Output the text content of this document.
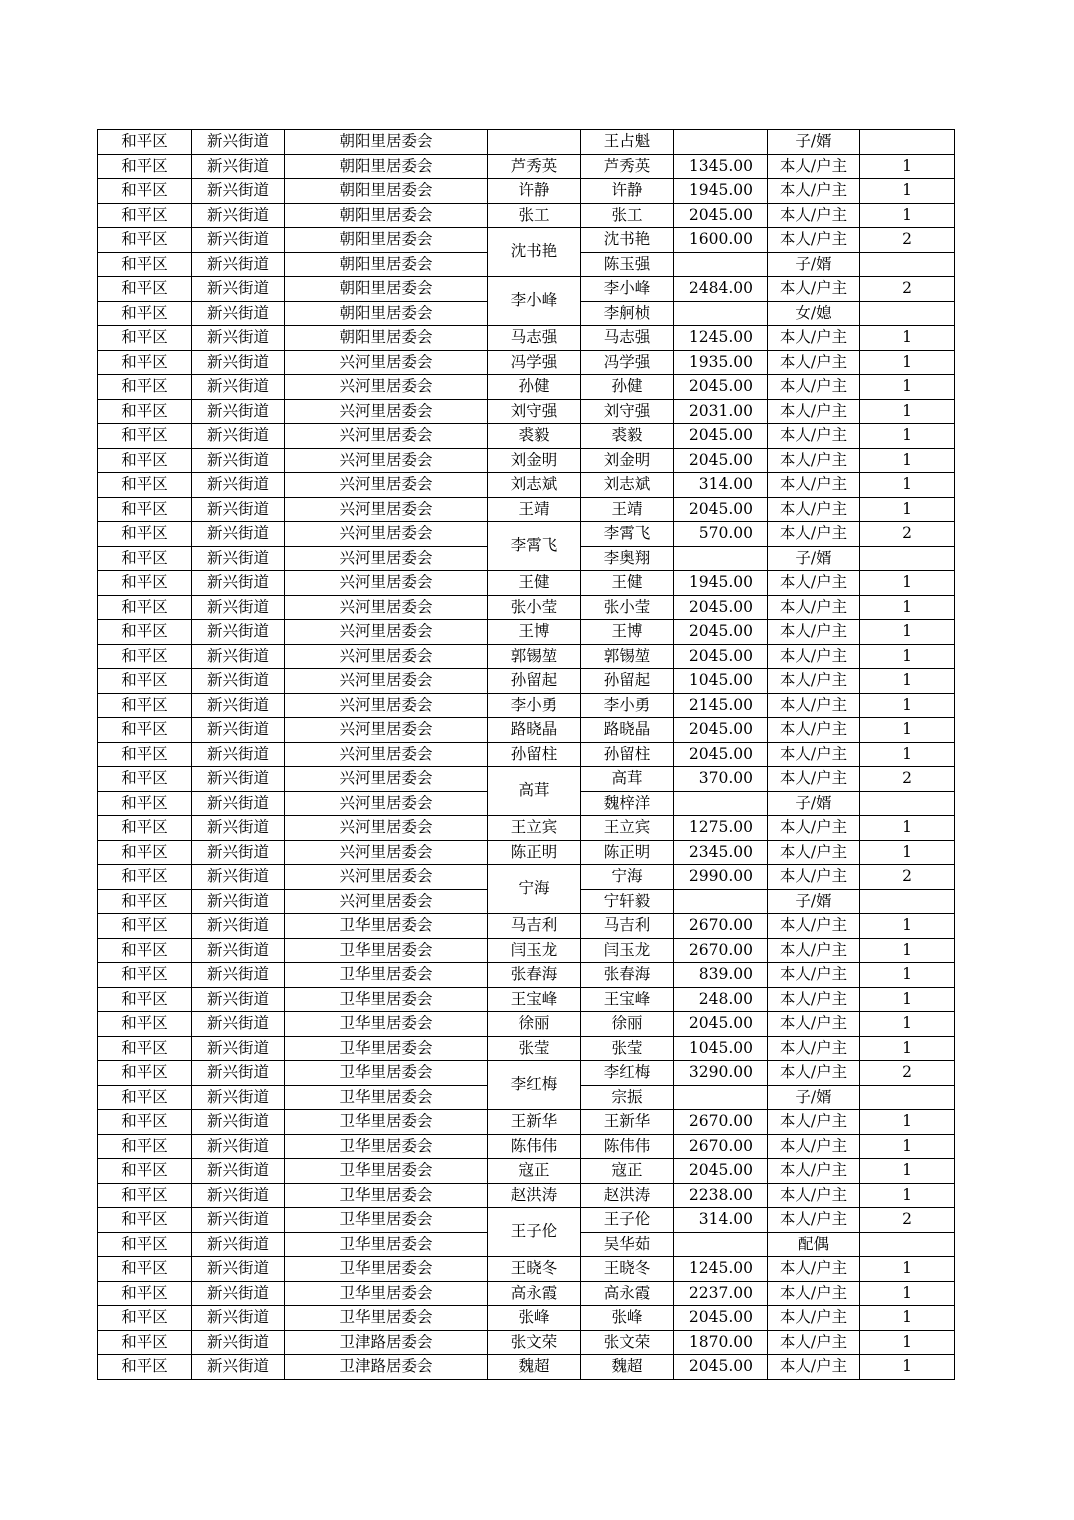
和平区	新兴街道	朝阳里居委会		王占魁		子/婿	
和平区	新兴街道	朝阳里居委会	芦秀英	芦秀英	1345.00	本人/户主	1
和平区	新兴街道	朝阳里居委会	许静	许静	1945.00	本人/户主	1
和平区	新兴街道	朝阳里居委会	张工	张工	2045.00	本人/户主	1
和平区	新兴街道	朝阳里居委会	沈书艳	沈书艳	1600.00	本人/户主	2
和平区	新兴街道	朝阳里居委会		陈玉强		子/婿	
和平区	新兴街道	朝阳里居委会	李小峰	李小峰	2484.00	本人/户主	2
和平区	新兴街道	朝阳里居委会		李舸桢		女/媳	
和平区	新兴街道	朝阳里居委会	马志强	马志强	1245.00	本人/户主	1
和平区	新兴街道	兴河里居委会	冯学强	冯学强	1935.00	本人/户主	1
和平区	新兴街道	兴河里居委会	孙健	孙健	2045.00	本人/户主	1
和平区	新兴街道	兴河里居委会	刘守强	刘守强	2031.00	本人/户主	1
和平区	新兴街道	兴河里居委会	裘毅	裘毅	2045.00	本人/户主	1
和平区	新兴街道	兴河里居委会	刘金明	刘金明	2045.00	本人/户主	1
和平区	新兴街道	兴河里居委会	刘志斌	刘志斌	314.00	本人/户主	1
和平区	新兴街道	兴河里居委会	王靖	王靖	2045.00	本人/户主	1
和平区	新兴街道	兴河里居委会	李霄飞	李霄飞	570.00	本人/户主	2
和平区	新兴街道	兴河里居委会		李奥翔		子/婿	
和平区	新兴街道	兴河里居委会	王健	王健	1945.00	本人/户主	1
和平区	新兴街道	兴河里居委会	张小莹	张小莹	2045.00	本人/户主	1
和平区	新兴街道	兴河里居委会	王博	王博	2045.00	本人/户主	1
和平区	新兴街道	兴河里居委会	郭锡堃	郭锡堃	2045.00	本人/户主	1
和平区	新兴街道	兴河里居委会	孙留起	孙留起	1045.00	本人/户主	1
和平区	新兴街道	兴河里居委会	李小勇	李小勇	2145.00	本人/户主	1
和平区	新兴街道	兴河里居委会	路晓晶	路晓晶	2045.00	本人/户主	1
和平区	新兴街道	兴河里居委会	孙留柱	孙留柱	2045.00	本人/户主	1
和平区	新兴街道	兴河里居委会	高茸	高茸	370.00	本人/户主	2
和平区	新兴街道	兴河里居委会		魏梓洋		子/婿	
和平区	新兴街道	兴河里居委会	王立宾	王立宾	1275.00	本人/户主	1
和平区	新兴街道	兴河里居委会	陈正明	陈正明	2345.00	本人/户主	1
和平区	新兴街道	兴河里居委会	宁海	宁海	2990.00	本人/户主	2
和平区	新兴街道	兴河里居委会		宁轩毅		子/婿	
和平区	新兴街道	卫华里居委会	马吉利	马吉利	2670.00	本人/户主	1
和平区	新兴街道	卫华里居委会	闫玉龙	闫玉龙	2670.00	本人/户主	1
和平区	新兴街道	卫华里居委会	张春海	张春海	839.00	本人/户主	1
和平区	新兴街道	卫华里居委会	王宝峰	王宝峰	248.00	本人/户主	1
和平区	新兴街道	卫华里居委会	徐丽	徐丽	2045.00	本人/户主	1
和平区	新兴街道	卫华里居委会	张莹	张莹	1045.00	本人/户主	1
和平区	新兴街道	卫华里居委会	李红梅	李红梅	3290.00	本人/户主	2
和平区	新兴街道	卫华里居委会		宗振		子/婿	
和平区	新兴街道	卫华里居委会	王新华	王新华	2670.00	本人/户主	1
和平区	新兴街道	卫华里居委会	陈伟伟	陈伟伟	2670.00	本人/户主	1
和平区	新兴街道	卫华里居委会	寇正	寇正	2045.00	本人/户主	1
和平区	新兴街道	卫华里居委会	赵洪涛	赵洪涛	2238.00	本人/户主	1
和平区	新兴街道	卫华里居委会	王子伦	王子伦	314.00	本人/户主	2
和平区	新兴街道	卫华里居委会		吴华茹		配偶	
和平区	新兴街道	卫华里居委会	王晓冬	王晓冬	1245.00	本人/户主	1
和平区	新兴街道	卫华里居委会	高永霞	高永霞	2237.00	本人/户主	1
和平区	新兴街道	卫华里居委会	张峰	张峰	2045.00	本人/户主	1
和平区	新兴街道	卫津路居委会	张文荣	张文荣	1870.00	本人/户主	1
和平区	新兴街道	卫津路居委会	魏超	魏超	2045.00	本人/户主	1
